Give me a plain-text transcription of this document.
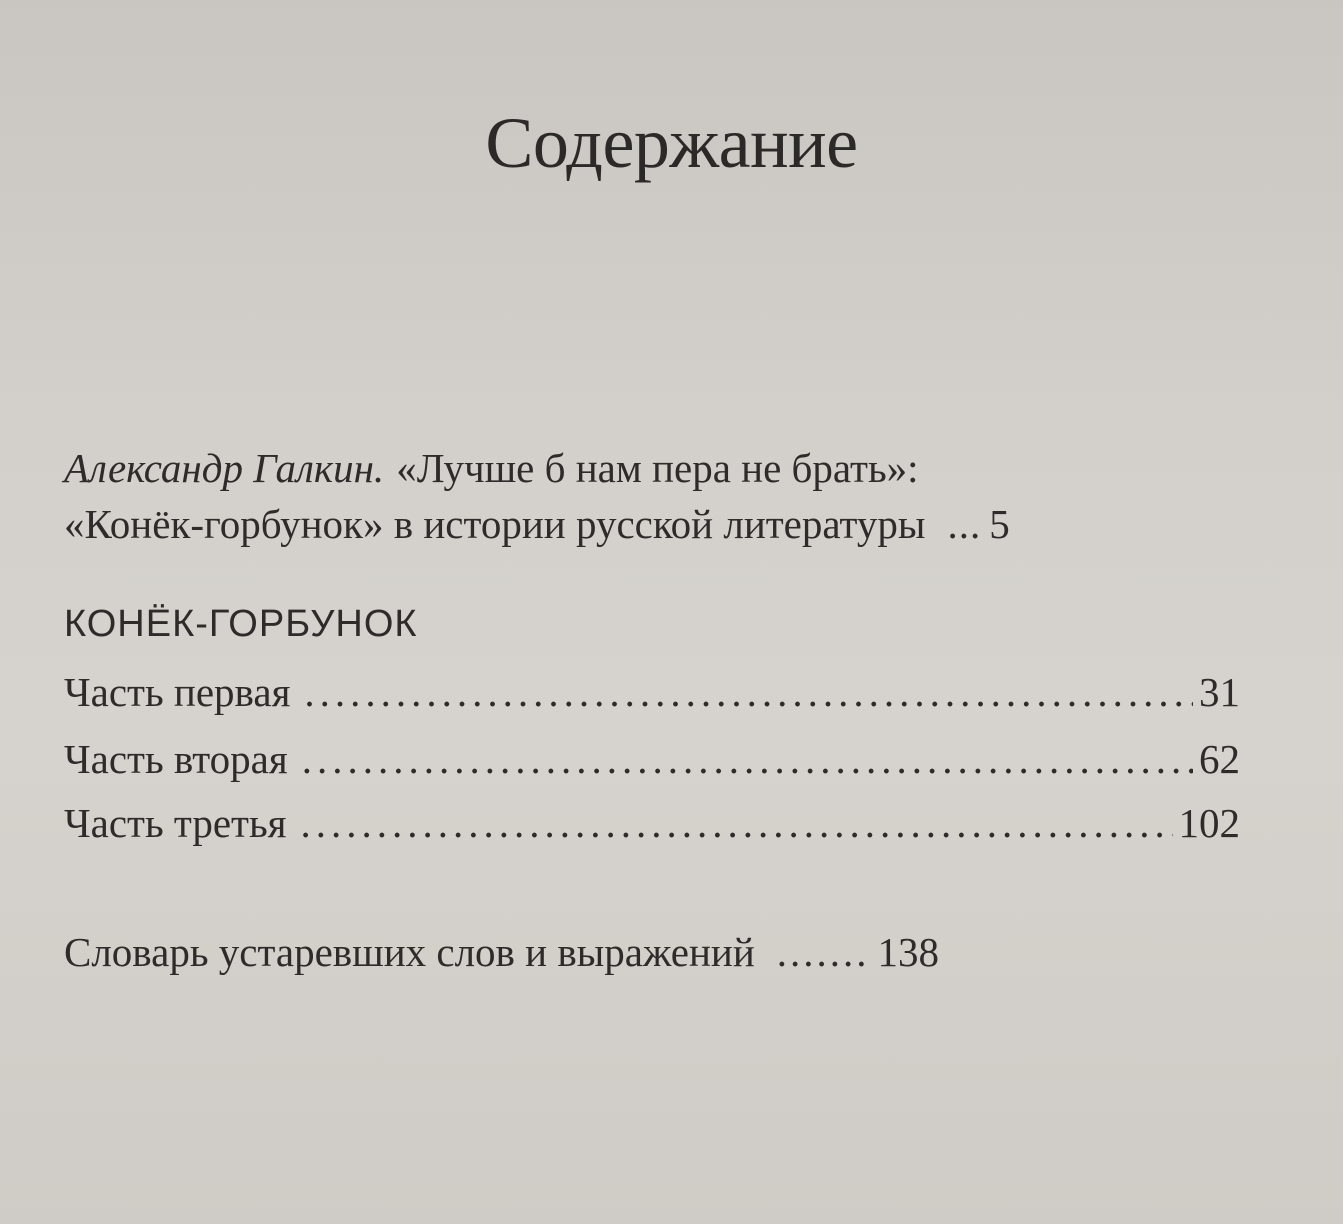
Содержание
Александр Галкин. «Лучше б нам пера не брать»:
«Конёк-горбунок» в истории русской литературы ... 5
КОНЁК-ГОРБУНОК
Часть первая .....	31
Часть вторая .....	62
Часть третья .....	102
Словарь устаревших слов и выражений ....... 138
